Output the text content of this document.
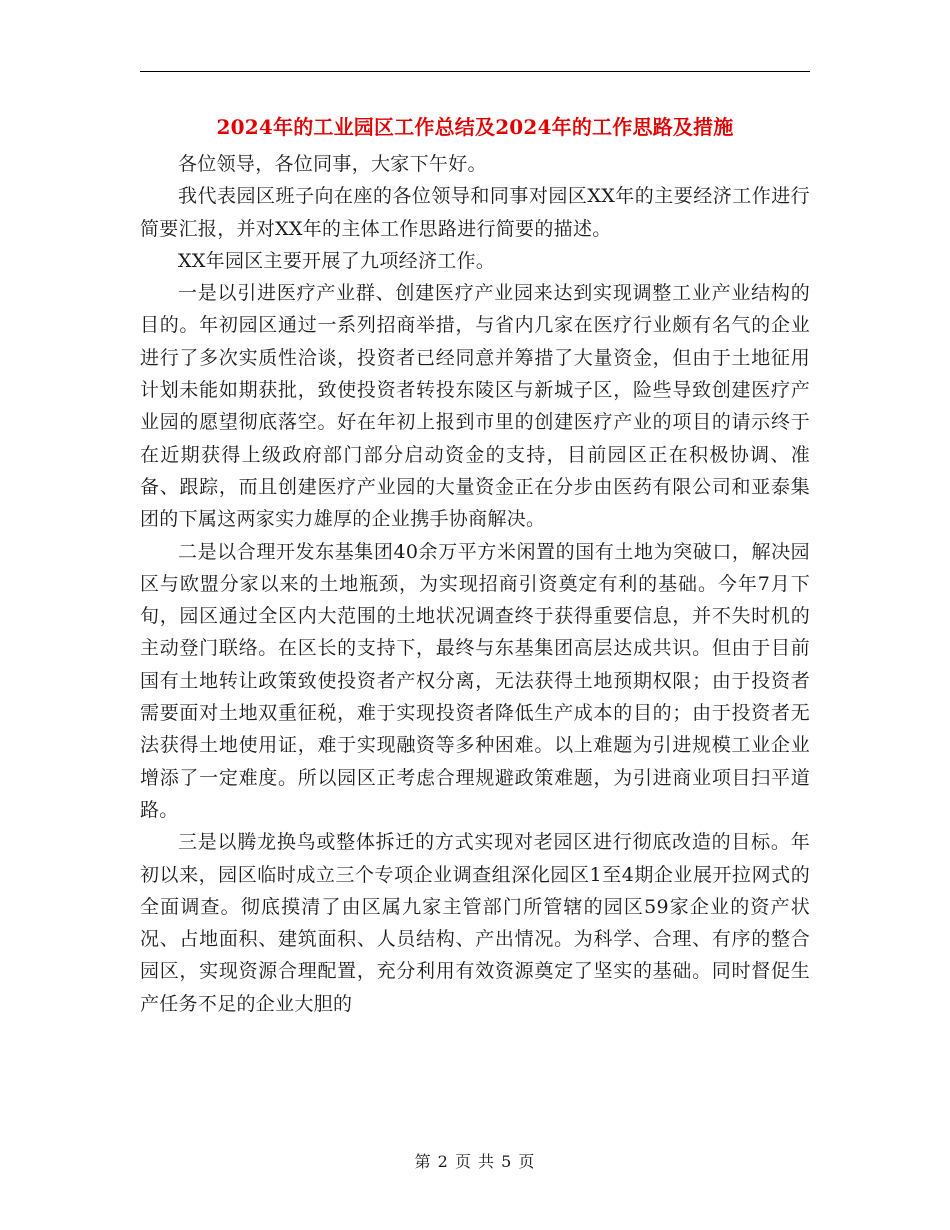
2024年的工业园区工作总结及2024年的工作思路及措施

各位领导，各位同事，大家下午好。

我代表园区班子向在座的各位领导和同事对园区XX年的主要经济工作进行简要汇报，并对XX年的主体工作思路进行简要的描述。

XX年园区主要开展了九项经济工作。

一是以引进医疗产业群、创建医疗产业园来达到实现调整工业产业结构的目的。年初园区通过一系列招商举措，与省内几家在医疗行业颇有名气的企业进行了多次实质性洽谈，投资者已经同意并筹措了大量资金，但由于土地征用计划未能如期获批，致使投资者转投东陵区与新城子区，险些导致创建医疗产业园的愿望彻底落空。好在年初上报到市里的创建医疗产业的项目的请示终于在近期获得上级政府部门部分启动资金的支持，目前园区正在积极协调、准备、跟踪，而且创建医疗产业园的大量资金正在分步由医药有限公司和亚泰集团的下属这两家实力雄厚的企业携手协商解决。

二是以合理开发东基集团40余万平方米闲置的国有土地为突破口，解决园区与欧盟分家以来的土地瓶颈，为实现招商引资奠定有利的基础。今年7月下旬，园区通过全区内大范围的土地状况调查终于获得重要信息，并不失时机的主动登门联络。在区长的支持下，最终与东基集团高层达成共识。但由于目前国有土地转让政策致使投资者产权分离，无法获得土地预期权限；由于投资者需要面对土地双重征税，难于实现投资者降低生产成本的目的；由于投资者无法获得土地使用证，难于实现融资等多种困难。以上难题为引进规模工业企业增添了一定难度。所以园区正考虑合理规避政策难题，为引进商业项目扫平道路。

三是以腾龙换鸟或整体拆迁的方式实现对老园区进行彻底改造的目标。年初以来，园区临时成立三个专项企业调查组深化园区1至4期企业展开拉网式的全面调查。彻底摸清了由区属九家主管部门所管辖的园区59家企业的资产状况、占地面积、建筑面积、人员结构、产出情况。为科学、合理、有序的整合园区，实现资源合理配置，充分利用有效资源奠定了坚实的基础。同时督促生产任务不足的企业大胆的

第 2 页 共 5 页
